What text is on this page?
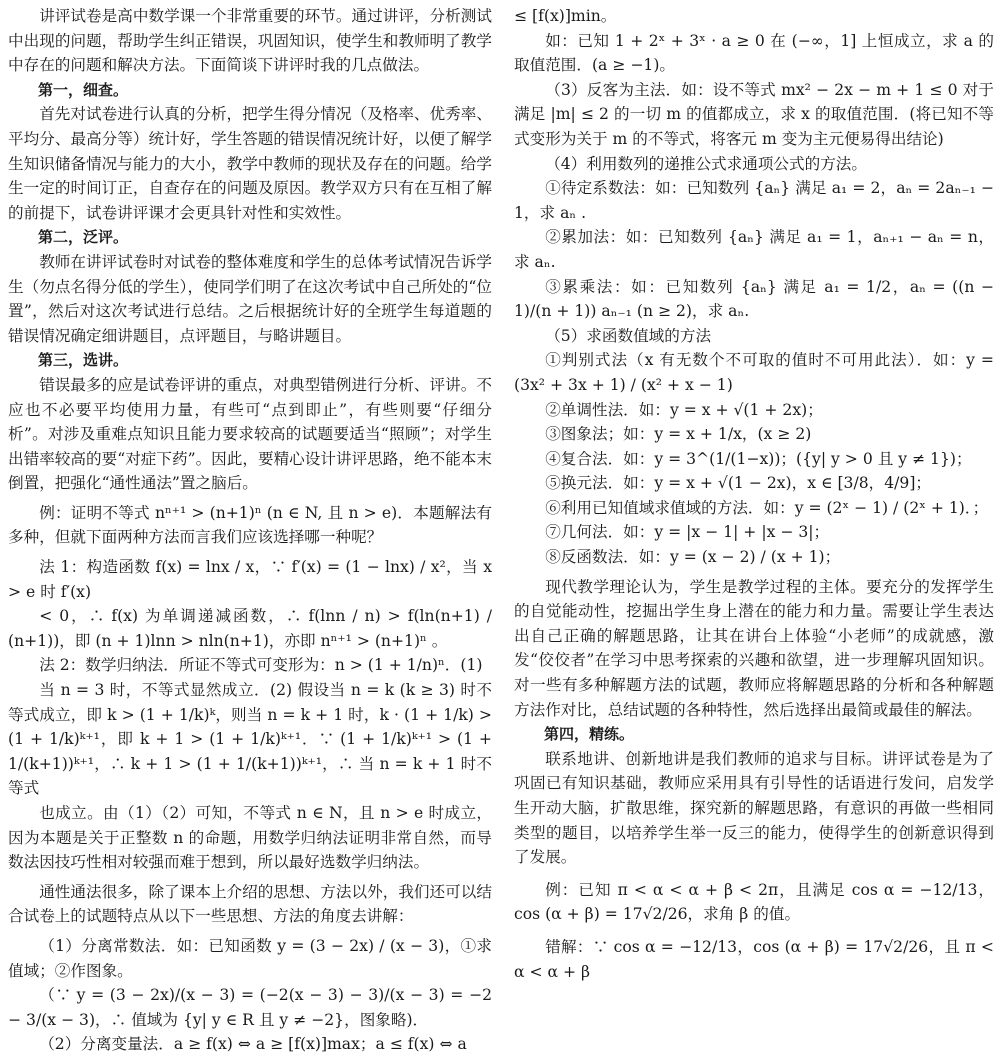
讲评试卷是高中数学课一个非常重要的环节。通过讲评，分析测试中出现的问题，帮助学生纠正错误，巩固知识，使学生和教师明了教学中存在的问题和解决方法。下面简谈下讲评时我的几点做法。

第一，细查。

首先对试卷进行认真的分析，把学生得分情况（及格率、优秀率、平均分、最高分等）统计好，学生答题的错误情况统计好，以便了解学生知识储备情况与能力的大小，教学中教师的现状及存在的问题。给学生一定的时间订正，自查存在的问题及原因。教学双方只有在互相了解的前提下，试卷讲评课才会更具针对性和实效性。

第二，泛评。

教师在讲评试卷时对试卷的整体难度和学生的总体考试情况告诉学生（勿点名得分低的学生），使同学们明了在这次考试中自己所处的“位置”，然后对这次考试进行总结。之后根据统计好的全班学生每道题的错误情况确定细讲题目，点评题目，与略讲题目。

第三，选讲。

错误最多的应是试卷评讲的重点，对典型错例进行分析、评讲。不应也不必要平均使用力量，有些可“点到即止”，有些则要“仔细分析”。对涉及重难点知识且能力要求较高的试题要适当“照顾”；对学生出错率较高的要“对症下药”。因此，要精心设计讲评思路，绝不能本末倒置，把强化“通性通法”置之脑后。

例：证明不等式 nⁿ⁺¹ > (n+1)ⁿ (n ∈ N, 且 n > e)．本题解法有多种，但就下面两种方法而言我们应该选择哪一种呢？

法 1：构造函数 f(x) = lnx / x，∵ f′(x) = (1 − lnx) / x²，当 x > e 时 f′(x)

< 0，∴ f(x) 为单调递减函数，∴ f(lnn / n) > f(ln(n+1) / (n+1))，即 (n + 1)lnn > nln(n+1)，亦即 nⁿ⁺¹ > (n+1)ⁿ 。

法 2：数学归纳法．所证不等式可变形为：n > (1 + 1/n)ⁿ．(1)

当 n = 3 时，不等式显然成立．(2) 假设当 n = k (k ≥ 3) 时不等式成立，即 k > (1 + 1/k)ᵏ，则当 n = k + 1 时，k · (1 + 1/k) > (1 + 1/k)ᵏ⁺¹，即 k + 1 > (1 + 1/k)ᵏ⁺¹．∵ (1 + 1/k)ᵏ⁺¹ > (1 + 1/(k+1))ᵏ⁺¹，∴ k + 1 > (1 + 1/(k+1))ᵏ⁺¹，∴ 当 n = k + 1 时不等式

也成立。由（1）（2）可知，不等式 n ∈ N，且 n > e 时成立，因为本题是关于正整数 n 的命题，用数学归纳法证明非常自然，而导数法因技巧性相对较强而难于想到，所以最好选数学归纳法。

通性通法很多，除了课本上介绍的思想、方法以外，我们还可以结合试卷上的试题特点从以下一些思想、方法的角度去讲解：

（1）分离常数法．如：已知函数 y = (3 − 2x) / (x − 3)，①求值域；②作图象。

（∵ y = (3 − 2x)/(x − 3) = (−2(x − 3) − 3)/(x − 3) = −2 − 3/(x − 3)，∴ 值域为 {y| y ∈ R 且 y ≠ −2}，图象略)．

（2）分离变量法．a ≥ f(x) ⇔ a ≥ [f(x)]max；a ≤ f(x) ⇔ a

≤ [f(x)]min。

如：已知 1 + 2ˣ + 3ˣ · a ≥ 0 在 (−∞，1] 上恒成立，求 a 的取值范围．(a ≥ −1)。

（3）反客为主法．如：设不等式 mx² − 2x − m + 1 ≤ 0 对于满足 |m| ≤ 2 的一切 m 的值都成立，求 x 的取值范围．(将已知不等式变形为关于 m 的不等式，将客元 m 变为主元便易得出结论)

（4）利用数列的递推公式求通项公式的方法。

①待定系数法：如：已知数列 {aₙ} 满足 a₁ = 2，aₙ = 2aₙ₋₁ − 1，求 aₙ .

②累加法：如：已知数列 {aₙ} 满足 a₁ = 1，aₙ₊₁ − aₙ = n，求 aₙ.

③累乘法：如：已知数列 {aₙ} 满足 a₁ = 1/2，aₙ = ((n − 1)/(n + 1)) aₙ₋₁ (n ≥ 2)，求 aₙ.

（5）求函数值域的方法

①判别式法（x 有无数个不可取的值时不可用此法）．如：y = (3x² + 3x + 1) / (x² + x − 1)

②单调性法．如：y = x + √(1 + 2x)；

③图象法；如：y = x + 1/x，(x ≥ 2)

④复合法．如：y = 3^(1/(1−x))；({y| y > 0 且 y ≠ 1})；

⑤换元法．如：y = x + √(1 − 2x)，x ∈ [3/8，4/9]；

⑥利用已知值域求值域的方法．如：y = (2ˣ − 1) / (2ˣ + 1)．；

⑦几何法．如：y = |x − 1| + |x − 3|；

⑧反函数法．如：y = (x − 2) / (x + 1)；

现代教学理论认为，学生是教学过程的主体。要充分的发挥学生的自觉能动性，挖掘出学生身上潜在的能力和力量。需要让学生表达出自己正确的解题思路，让其在讲台上体验“小老师”的成就感，激发“佼佼者”在学习中思考探索的兴趣和欲望，进一步理解巩固知识。对一些有多种解题方法的试题，教师应将解题思路的分析和各种解题方法作对比，总结试题的各种特性，然后选择出最简或最佳的解法。

第四，精练。

联系地讲、创新地讲是我们教师的追求与目标。讲评试卷是为了巩固已有知识基础，教师应采用具有引导性的话语进行发问，启发学生开动大脑，扩散思维，探究新的解题思路，有意识的再做一些相同类型的题目，以培养学生举一反三的能力，使得学生的创新意识得到了发展。

例：已知 π < α < α + β < 2π，且满足 cos α = −12/13，cos (α + β) = 17√2/26，求角 β 的值。

错解：∵ cos α = −12/13，cos (α + β) = 17√2/26，且 π < α < α + β
